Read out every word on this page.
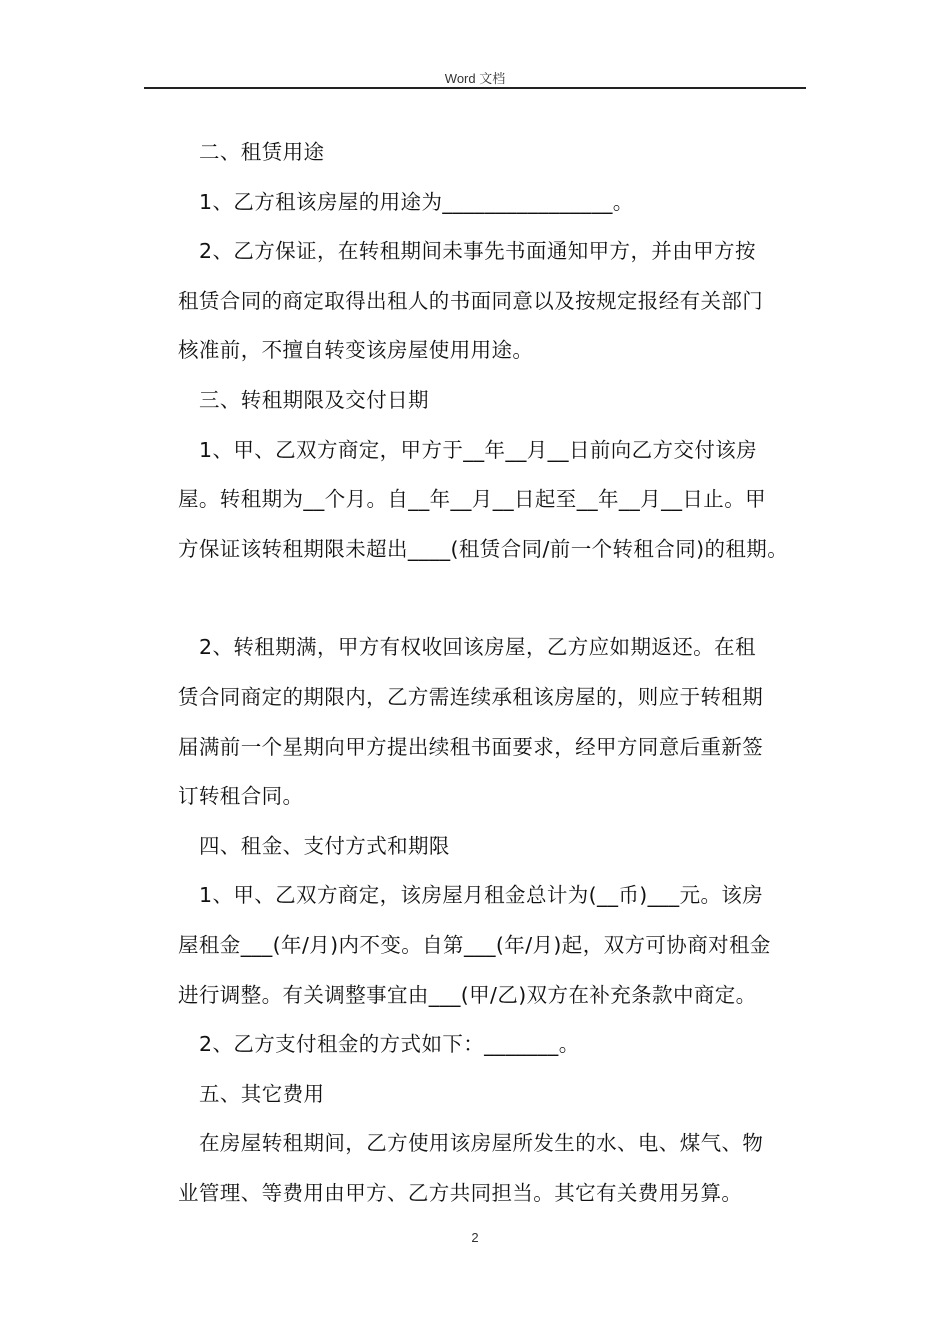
Word 文档

二、租赁用途

1、乙方租该房屋的用途为________________。

2、乙方保证，在转租期间未事先书面通知甲方，并由甲方按
租赁合同的商定取得出租人的书面同意以及按规定报经有关部门
核准前，不擅自转变该房屋使用用途。

三、转租期限及交付日期

1、甲、乙双方商定，甲方于__年__月__日前向乙方交付该房
屋。转租期为__个月。自__年__月__日起至__年__月__日止。甲
方保证该转租期限未超出____(租赁合同/前一个转租合同)的租期。

2、转租期满，甲方有权收回该房屋，乙方应如期返还。在租
赁合同商定的期限内，乙方需连续承租该房屋的，则应于转租期
届满前一个星期向甲方提出续租书面要求，经甲方同意后重新签
订转租合同。

四、租金、支付方式和期限

1、甲、乙双方商定，该房屋月租金总计为(__币)___元。该房
屋租金___(年/月)内不变。自第___(年/月)起，双方可协商对租金
进行调整。有关调整事宜由___(甲/乙)双方在补充条款中商定。

2、乙方支付租金的方式如下：_______。

五、其它费用

在房屋转租期间，乙方使用该房屋所发生的水、电、煤气、物
业管理、等费用由甲方、乙方共同担当。其它有关费用另算。

2
